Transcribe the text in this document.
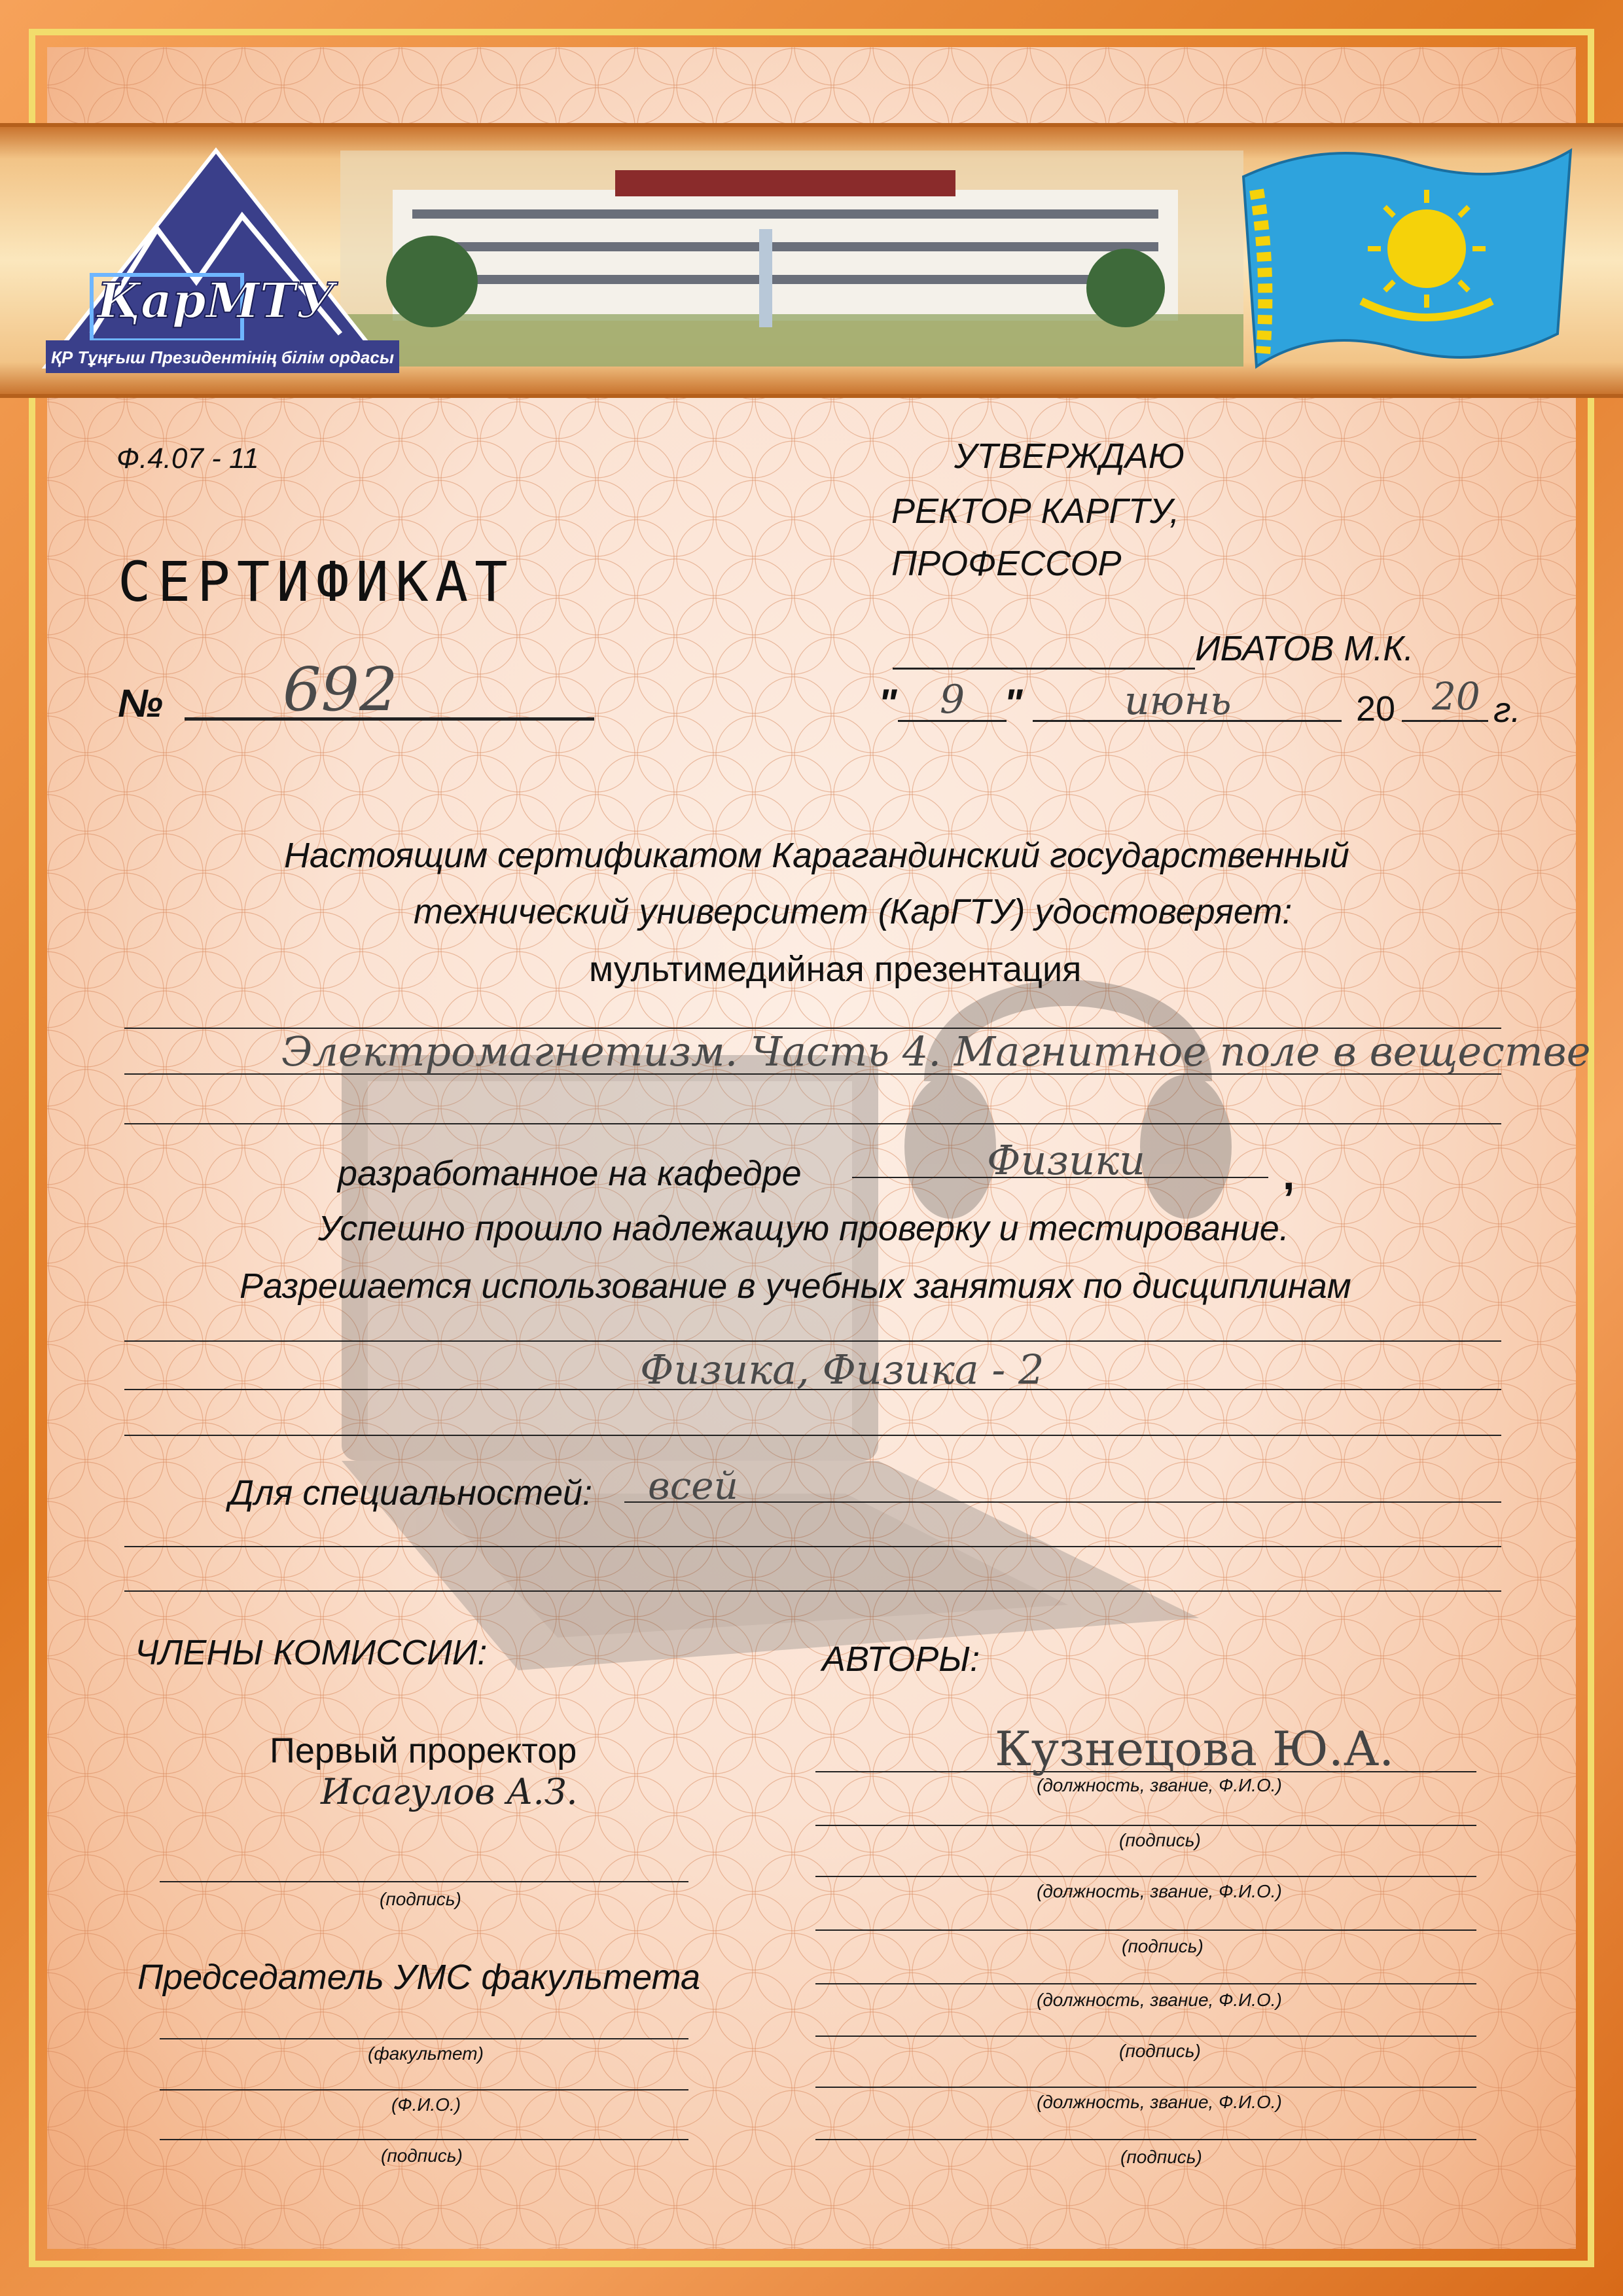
ҚарМТУ
ҚР Тұңғыш Президентінің білім ордасы
Ф.4.07 - 11	УТВЕРЖДАЮ
РЕКТОР КАРГТУ,
ПРОФЕССОР
ИБАТОВ М.К.
СЕРТИФИКАТ
№ 692	" 9 "	июнь	20 20 г.
Настоящим сертификатом Карагандинский государственный
технический университет (КарГТУ) удостоверяет:
мультимедийная презентация
Электромагнетизм. Часть 4. Магнитное поле в веществе
разработанное на кафедре	Физики	,
Успешно прошло надлежащую проверку и тестирование.
Разрешается использование в учебных занятиях по дисциплинам
Физика, Физика - 2
Для специальностей: всей
ЧЛЕНЫ КОМИССИИ:
Первый проректор
Исагулов А.З.
(подпись)
Председатель УМС факультета
(факультет)
(Ф.И.О.)
(подпись)
АВТОРЫ:
Кузнецова Ю.А.
(должность, звание, Ф.И.О.)
(подпись)
(должность, звание, Ф.И.О.)
(подпись)
(должность, звание, Ф.И.О.)
(подпись)
(должность, звание, Ф.И.О.)
(подпись)
